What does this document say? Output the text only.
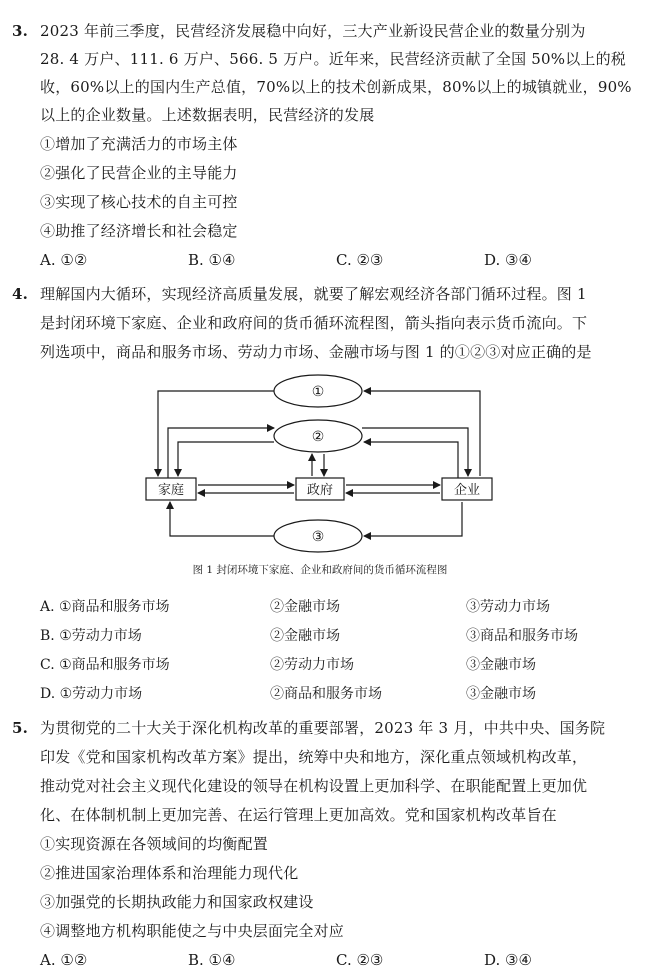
3. 2023 年前三季度，民营经济发展稳中向好，三大产业新设民营企业的数量分别为
28. 4 万户、111. 6 万户、566. 5 万户。近年来，民营经济贡献了全国 50%以上的税
收，60%以上的国内生产总值，70%以上的技术创新成果，80%以上的城镇就业，90%
以上的企业数量。上述数据表明，民营经济的发展
①增加了充满活力的市场主体
②强化了民营企业的主导能力
③实现了核心技术的自主可控
④助推了经济增长和社会稳定
A. ①②	B. ①④	C. ②③	D. ③④
4. 理解国内大循环，实现经济高质量发展，就要了解宏观经济各部门循环过程。图 1
是封闭环境下家庭、企业和政府间的货币循环流程图，箭头指向表示货币流向。下
列选项中，商品和服务市场、劳动力市场、金融市场与图 1 的①②③对应正确的是
①
②
③
家庭	政府	企业
图 1 封闭环境下家庭、企业和政府间的货币循环流程图
A. ①商品和服务市场	②金融市场	③劳动力市场
B. ①劳动力市场	②金融市场	③商品和服务市场
C. ①商品和服务市场	②劳动力市场	③金融市场
D. ①劳动力市场	②商品和服务市场	③金融市场
5. 为贯彻党的二十大关于深化机构改革的重要部署，2023 年 3 月，中共中央、国务院
印发《党和国家机构改革方案》提出，统筹中央和地方，深化重点领域机构改革，
推动党对社会主义现代化建设的领导在机构设置上更加科学、在职能配置上更加优
化、在体制机制上更加完善、在运行管理上更加高效。党和国家机构改革旨在
①实现资源在各领域间的均衡配置
②推进国家治理体系和治理能力现代化
③加强党的长期执政能力和国家政权建设
④调整地方机构职能使之与中央层面完全对应
A. ①②	B. ①④	C. ②③	D. ③④
